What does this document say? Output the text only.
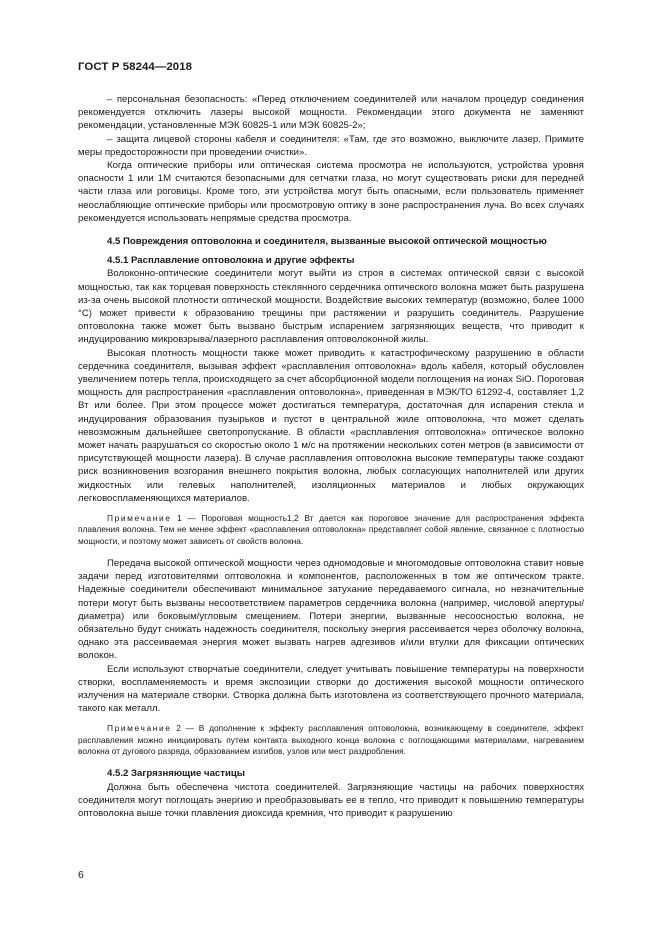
ГОСТ Р 58244—2018

– персональная безопасность: «Перед отключением соединителей или началом процедур соединения рекомендуется отключить лазеры высокой мощности. Рекомендации этого документа не заменяют рекомендации, установленные МЭК 60825-1 или МЭК 60825-2»;

– защита лицевой стороны кабеля и соединителя: «Там, где это возможно, выключите лазер. Примите меры предосторожности при проведении очистки».

Когда оптические приборы или оптическая система просмотра не используются, устройства уровня опасности 1 или 1М считаются безопасными для сетчатки глаза, но могут существовать риски для передней части глаза или роговицы. Кроме того, эти устройства могут быть опасными, если пользователь применяет неослабляющие оптические приборы или просмотровую оптику в зоне распространения луча. Во всех случаях рекомендуется использовать непрямые средства просмотра.

4.5 Повреждения оптоволокна и соединителя, вызванные высокой оптической мощностью

4.5.1 Расплавление оптоволокна и другие эффекты

Волоконно-оптические соединители могут выйти из строя в системах оптической связи с высокой мощностью, так как торцевая поверхность стеклянного сердечника оптического волокна может быть разрушена из-за очень высокой плотности оптической мощности. Воздействие высоких температур (возможно, более 1000 °С) может привести к образованию трещины при растяжении и разрушить соединитель. Разрушение оптоволокна также может быть вызвано быстрым испарением загрязняющих веществ, что приводит к индуцированию микровзрыва/лазерного расплавления оптоволоконной жилы.

Высокая плотность мощности также может приводить к катастрофическому разрушению в области сердечника соединителя, вызывая эффект «расплавления оптоволокна» вдоль кабеля, который обусловлен увеличением потерь тепла, происходящего за счет абсорбционной модели поглощения на ионах SiO. Пороговая мощность для распространения «расплавления оптоволокна», приведенная в МЭК/ТО 61292-4, составляет 1,2 Вт или более. При этом процессе может достигаться температура, достаточная для испарения стекла и индуцирования образования пузырьков и пустот в центральной жиле оптоволокна, что может сделать невозможным дальнейшее светопропускание. В области «расплавления оптоволокна» оптическое волокно может начать разрушаться со скоростью около 1 м/с на протяжении нескольких сотен метров (в зависимости от присутствующей мощности лазера). В случае расплавления оптоволокна высокие температуры также создают риск возникновения возгорания внешнего покрытия волокна, любых согласующих наполнителей или других жидкостных или гелевых наполнителей, изоляционных материалов и любых окружающих легковоспламеняющихся материалов.

Примечание 1 — Пороговая мощность1,2 Вт дается как пороговое значение для распространения эффекта плавления волокна. Тем не менее эффект «расплавления оптоволокна» представляет собой явление, связанное с плотностью мощности, и поэтому может зависеть от свойств волокна.

Передача высокой оптической мощности через одномодовые и многомодовые оптоволокна ставит новые задачи перед изготовителями оптоволокна и компонентов, расположенных в том же оптическом тракте. Надежные соединители обеспечивают минимальное затухание передаваемого сигнала, но незначительные потери могут быть вызваны несоответствием параметров сердечника волокна (например, числовой апертуры/диаметра) или боковым/угловым смещением. Потери энергии, вызванные несоосностью волокна, не обязательно будут снижать надежность соединителя, поскольку энергия рассеивается через оболочку волокна, однако эта рассеиваемая энергия может вызвать нагрев адгезивов и/или втулки для фиксации оптических волокон.

Если используют створчатые соединители, следует учитывать повышение температуры на поверхности створки, воспламеняемость и время экспозиции створки до достижения высокой мощности оптического излучения на материале створки. Створка должна быть изготовлена из соответствующего прочного материала, такого как металл.

Примечание 2 — В дополнение к эффекту расплавления оптоволокна, возникающему в соединителе, эффект расплавления можно инициировать путем контакта выходного конца волокна с поглощающими материалами, нагреванием волокна от дугового разряда, образованием изгибов, узлов или мест раздробления.

4.5.2 Загрязняющие частицы

Должна быть обеспечена чистота соединителей. Загрязняющие частицы на рабочих поверхностях соединителя могут поглощать энергию и преобразовывать ее в тепло, что приводит к повышению температуры оптоволокна выше точки плавления диоксида кремния, что приводит к разрушению

6
